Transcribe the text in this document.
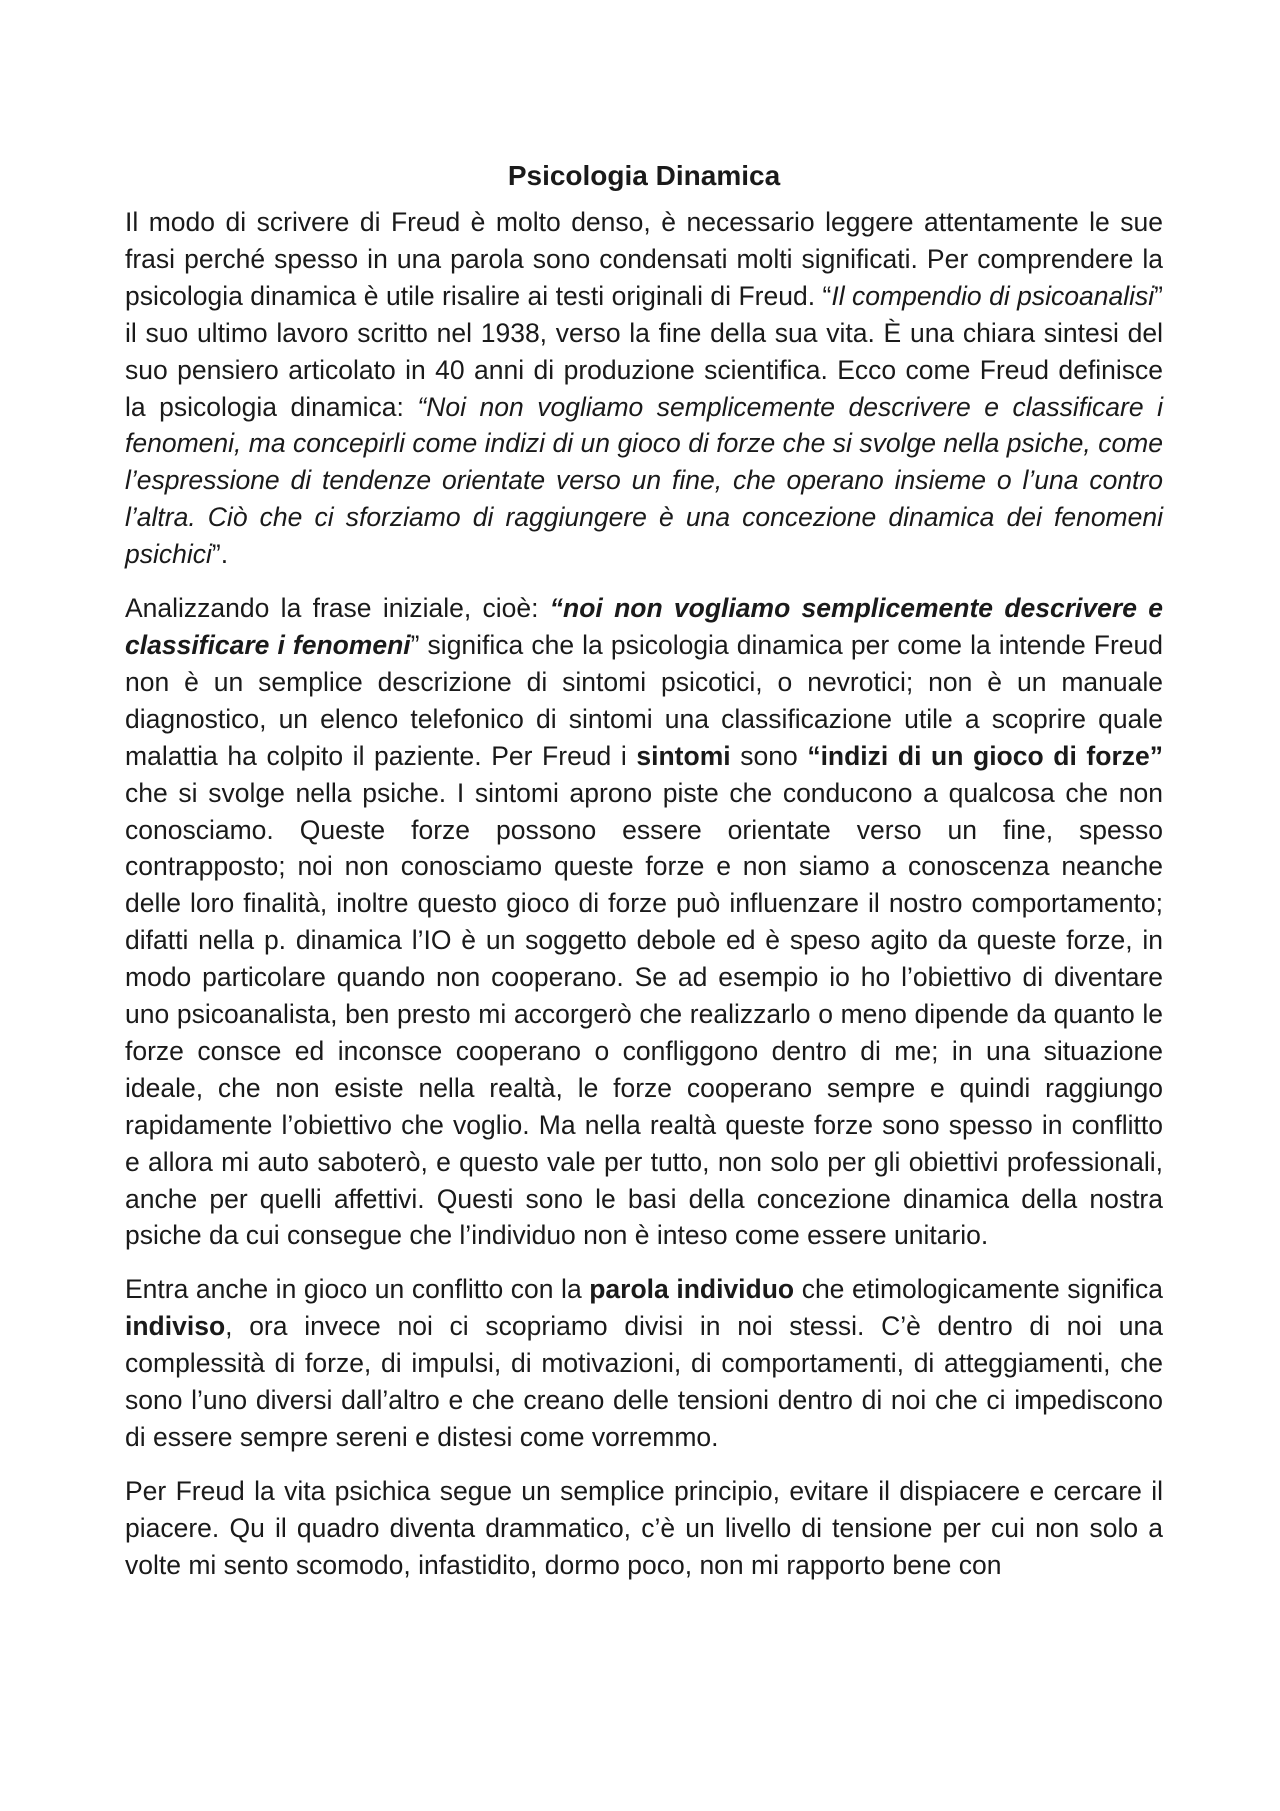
Psicologia Dinamica

Il modo di scrivere di Freud è molto denso, è necessario leggere attentamente le sue frasi perché spesso in una parola sono condensati molti significati. Per comprendere la psicologia dinamica è utile risalire ai testi originali di Freud. “Il compendio di psicoanalisi” il suo ultimo lavoro scritto nel 1938, verso la fine della sua vita. È una chiara sintesi del suo pensiero articolato in 40 anni di produzione scientifica. Ecco come Freud definisce la psicologia dinamica: “Noi non vogliamo semplicemente descrivere e classificare i fenomeni, ma concepirli come indizi di un gioco di forze che si svolge nella psiche, come l’espressione di tendenze orientate verso un fine, che operano insieme o l’una contro l’altra. Ciò che ci sforziamo di raggiungere è una concezione dinamica dei fenomeni psichici”.

Analizzando la frase iniziale, cioè: “noi non vogliamo semplicemente descrivere e classificare i fenomeni” significa che la psicologia dinamica per come la intende Freud non è un semplice descrizione di sintomi psicotici, o nevrotici; non è un manuale diagnostico, un elenco telefonico di sintomi una classificazione utile a scoprire quale malattia ha colpito il paziente. Per Freud i sintomi sono “indizi di un gioco di forze” che si svolge nella psiche. I sintomi aprono piste che conducono a qualcosa che non conosciamo. Queste forze possono essere orientate verso un fine, spesso contrapposto; noi non conosciamo queste forze e non siamo a conoscenza neanche delle loro finalità, inoltre questo gioco di forze può influenzare il nostro comportamento; difatti nella p. dinamica l’IO è un soggetto debole ed è speso agito da queste forze, in modo particolare quando non cooperano. Se ad esempio io ho l’obiettivo di diventare uno psicoanalista, ben presto mi accorgerò che realizzarlo o meno dipende da quanto le forze consce ed inconsce cooperano o confliggono dentro di me; in una situazione ideale, che non esiste nella realtà, le forze cooperano sempre e quindi raggiungo rapidamente l’obiettivo che voglio. Ma nella realtà queste forze sono spesso in conflitto e allora mi auto saboterò, e questo vale per tutto, non solo per gli obiettivi professionali, anche per quelli affettivi. Questi sono le basi della concezione dinamica della nostra psiche da cui consegue che l’individuo non è inteso come essere unitario.

Entra anche in gioco un conflitto con la parola individuo che etimologicamente significa indiviso, ora invece noi ci scopriamo divisi in noi stessi. C’è dentro di noi una complessità di forze, di impulsi, di motivazioni, di comportamenti, di atteggiamenti, che sono l’uno diversi dall’altro e che creano delle tensioni dentro di noi che ci impediscono di essere sempre sereni e distesi come vorremmo.

Per Freud la vita psichica segue un semplice principio, evitare il dispiacere e cercare il piacere. Qu il quadro diventa drammatico, c’è un livello di tensione per cui non solo a volte mi sento scomodo, infastidito, dormo poco, non mi rapporto bene con
